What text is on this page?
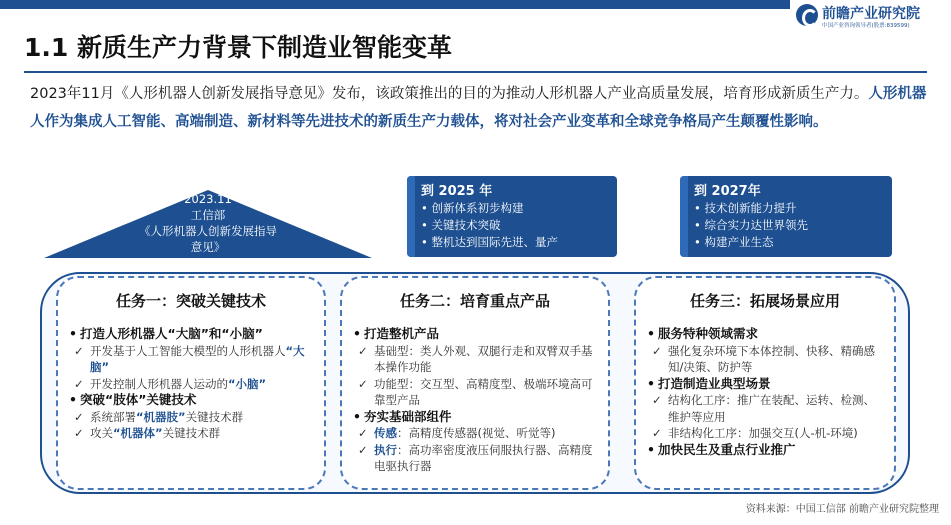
前瞻产业研究院
中国产业咨询领导者(股票:839599)
1.1 新质生产力背景下制造业智能变革
2023年11月《人形机器人创新发展指导意见》发布，该政策推出的目的为推动人形机器人产业高质量发展，培育形成新质生产力。人形机器人作为集成人工智能、高端制造、新材料等先进技术的新质生产力载体，将对社会产业变革和全球竞争格局产生颠覆性影响。
2023.11
工信部
《人形机器人创新发展指导意见》
到 2025 年
• 创新体系初步构建
• 关键技术突破
• 整机达到国际先进、量产
到 2027年
• 技术创新能力提升
• 综合实力达世界领先
• 构建产业生态
任务一：突破关键技术
• 打造人形机器人“大脑”和“小脑”
✓ 开发基于人工智能大模型的人形机器人“大脑”
✓ 开发控制人形机器人运动的“小脑”
• 突破“肢体”关键技术
✓ 系统部署“机器肢”关键技术群
✓ 攻关“机器体”关键技术群
任务二：培育重点产品
• 打造整机产品
✓ 基础型：类人外观、双腿行走和双臂双手基本操作功能
✓ 功能型：交互型、高精度型、极端环境高可靠型产品
• 夯实基础部组件
✓ 传感：高精度传感器(视觉、听觉等)
✓ 执行：高功率密度液压伺服执行器、高精度电驱执行器
任务三：拓展场景应用
• 服务特种领域需求
✓ 强化复杂环境下本体控制、快移、精确感知/决策、防护等
• 打造制造业典型场景
✓ 结构化工序：推广在装配、运转、检测、维护等应用
✓ 非结构化工序：加强交互(人-机-环境)
• 加快民生及重点行业推广
资料来源：中国工信部 前瞻产业研究院整理
